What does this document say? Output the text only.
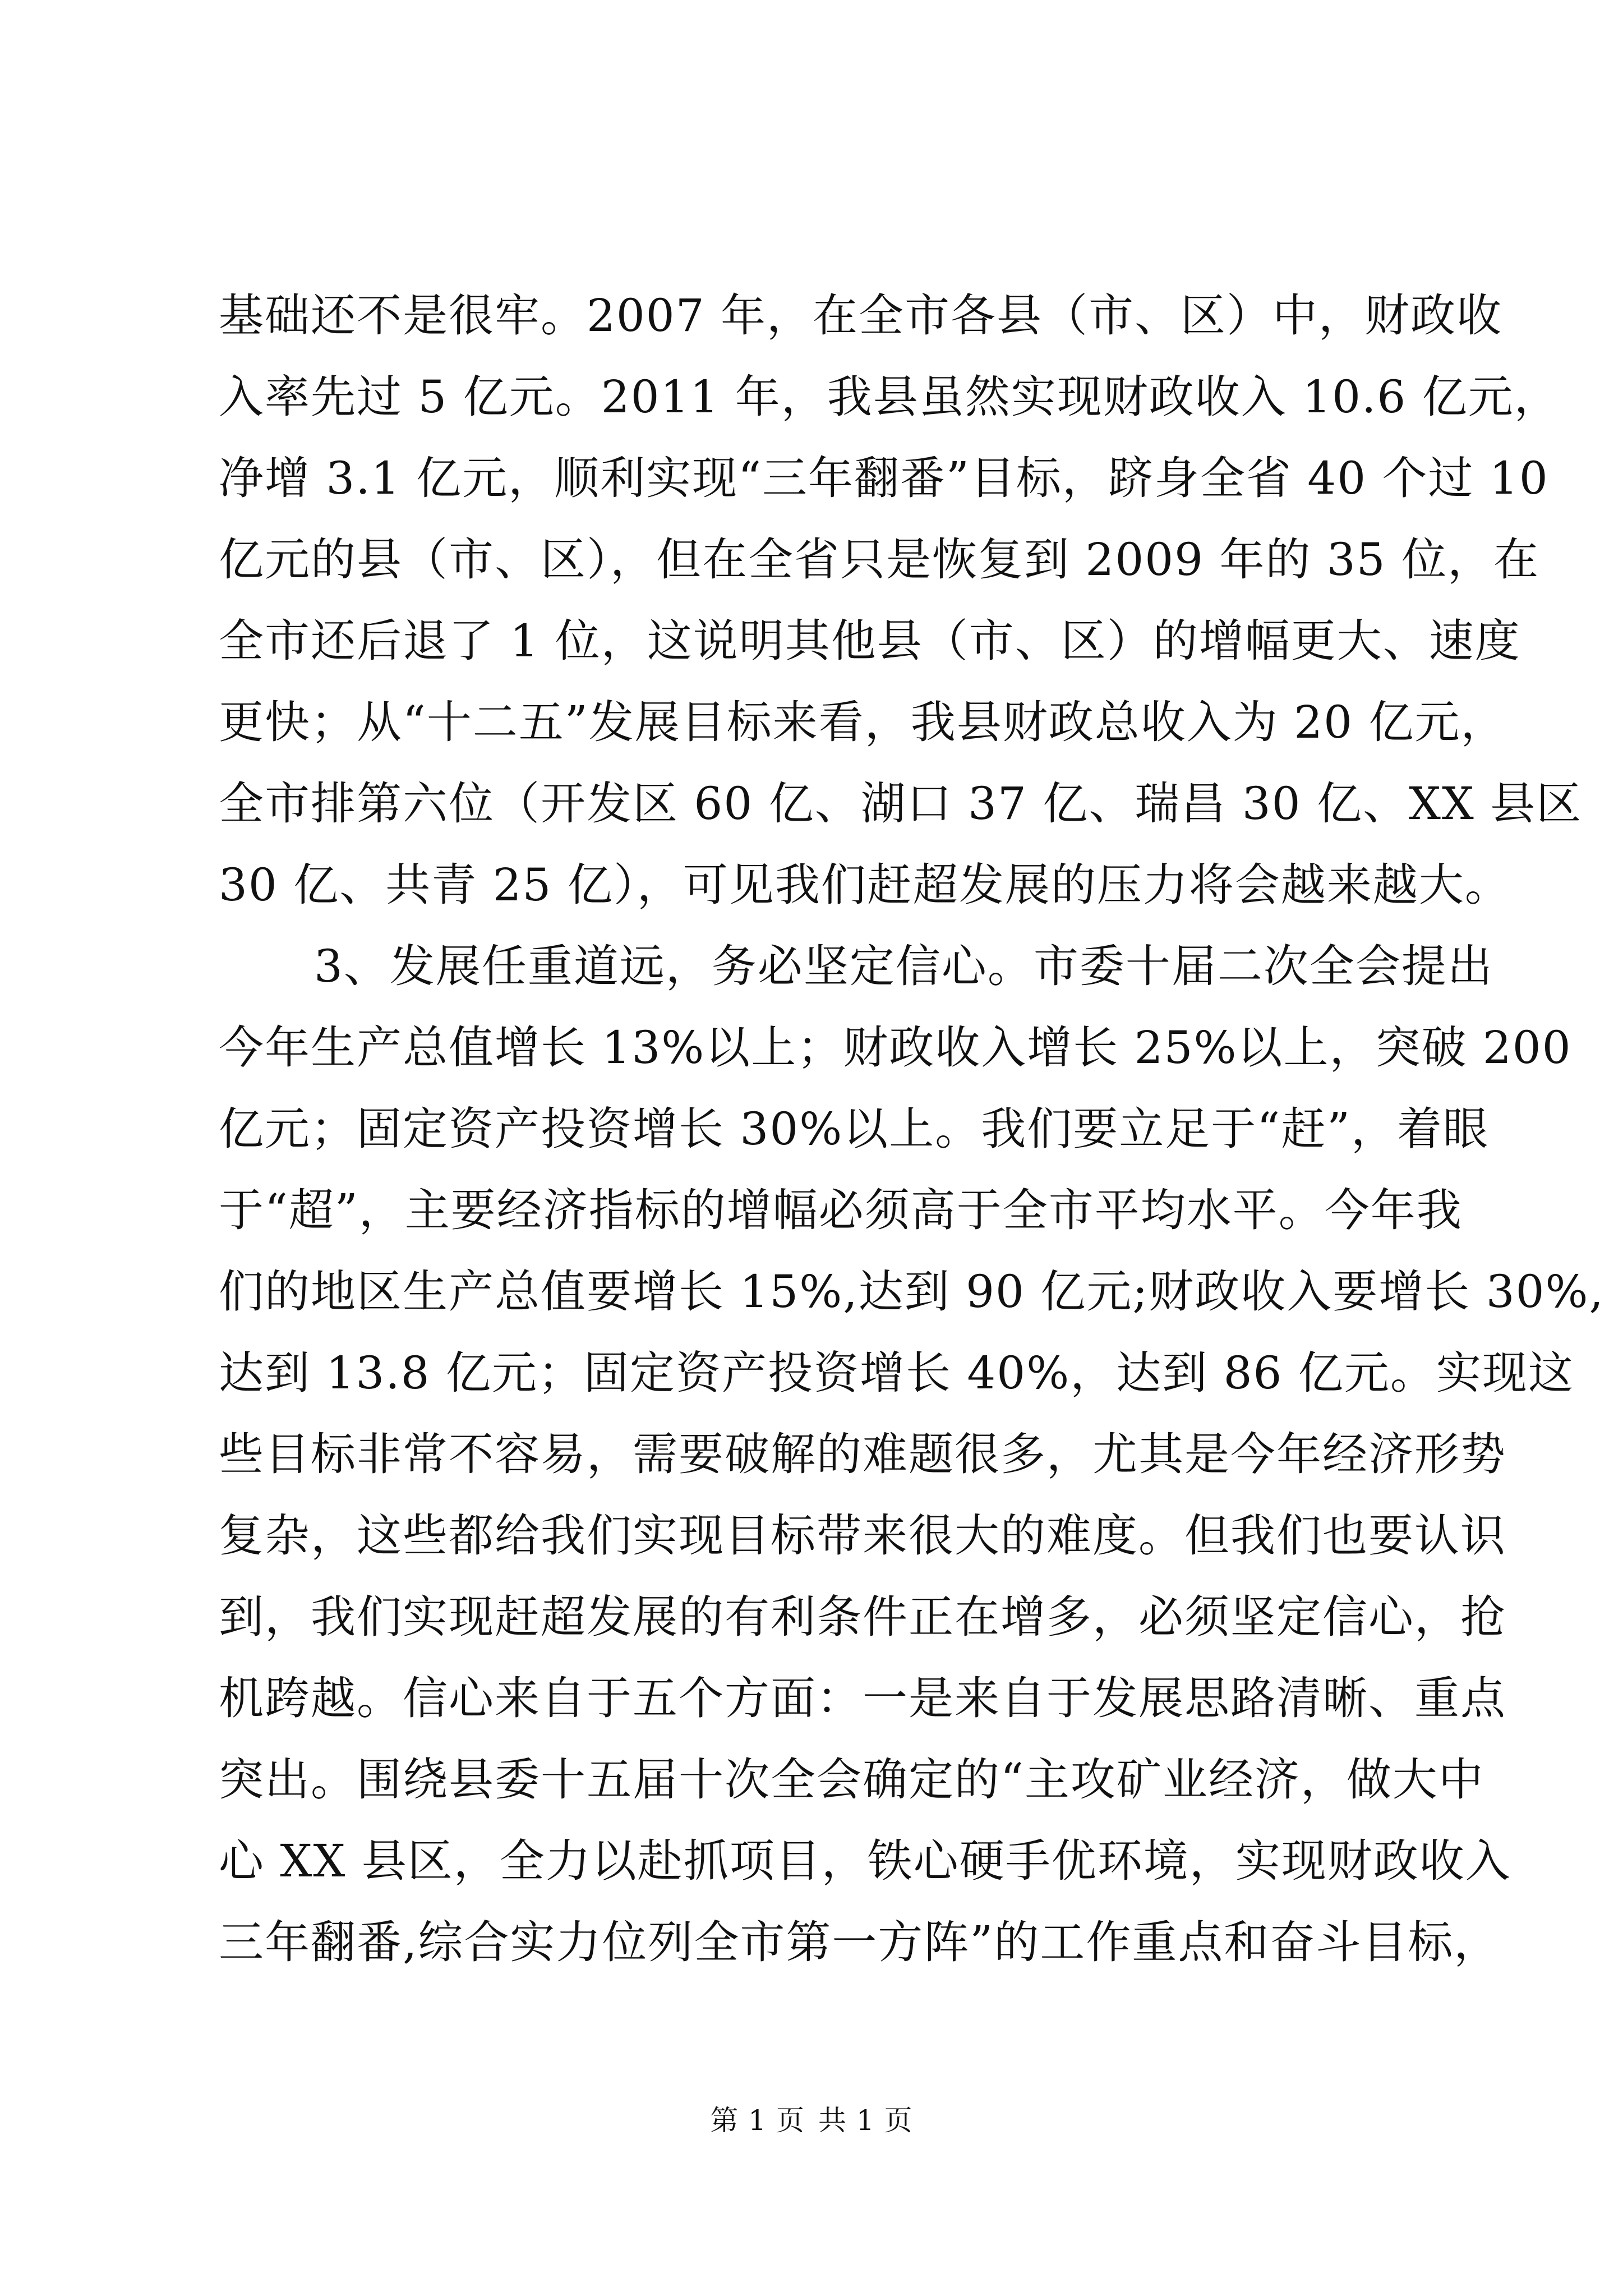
基础还不是很牢。2007 年，在全市各县（市、区）中，财政收
入率先过 5 亿元。2011 年，我县虽然实现财政收入 10.6 亿元，
净增 3.1 亿元，顺利实现“三年翻番”目标，跻身全省 40 个过 10
亿元的县（市、区），但在全省只是恢复到 2009 年的 35 位，在
全市还后退了 1 位，这说明其他县（市、区）的增幅更大、速度
更快；从“十二五”发展目标来看，我县财政总收入为 20 亿元，
全市排第六位（开发区 60 亿、湖口 37 亿、瑞昌 30 亿、XX 县区
30 亿、共青 25 亿），可见我们赶超发展的压力将会越来越大。
3、发展任重道远，务必坚定信心。市委十届二次全会提出
今年生产总值增长 13%以上；财政收入增长 25%以上，突破 200
亿元；固定资产投资增长 30%以上。我们要立足于“赶”，着眼
于“超”，主要经济指标的增幅必须高于全市平均水平。今年我
们的地区生产总值要增长 15%,达到 90 亿元;财政收入要增长 30%,
达到 13.8 亿元；固定资产投资增长 40%，达到 86 亿元。实现这
些目标非常不容易，需要破解的难题很多，尤其是今年经济形势
复杂，这些都给我们实现目标带来很大的难度。但我们也要认识
到，我们实现赶超发展的有利条件正在增多，必须坚定信心，抢
机跨越。信心来自于五个方面：一是来自于发展思路清晰、重点
突出。围绕县委十五届十次全会确定的“主攻矿业经济，做大中
心 XX 县区，全力以赴抓项目，铁心硬手优环境，实现财政收入
三年翻番,综合实力位列全市第一方阵”的工作重点和奋斗目标，
第 1 页 共 1 页
